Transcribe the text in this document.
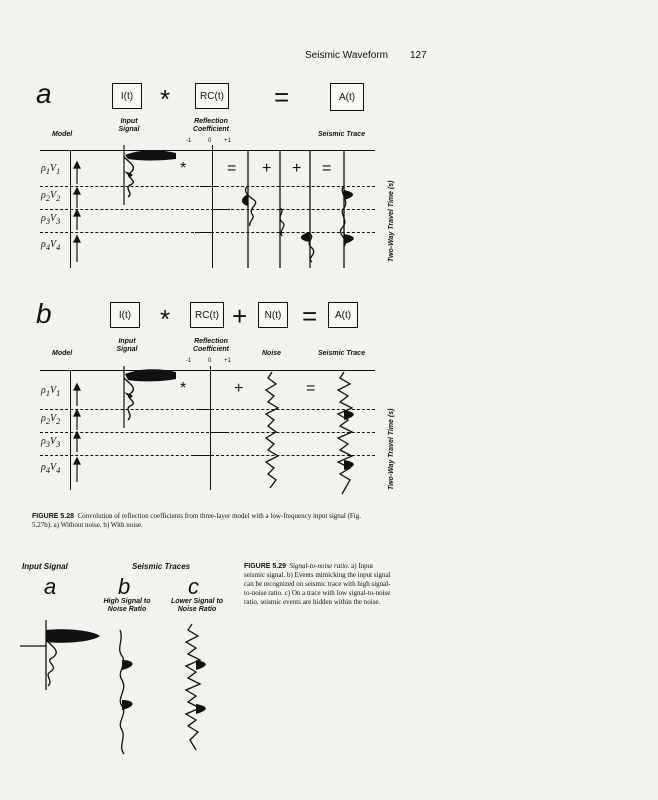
Seismic Waveform 127
a	I(t)	*	RC(t) =	A(t)
Model
Input Signal
Reflection Coefficient
-1	0 +1
Seismic Trace
$\rho_1V_1$
$\rho_2V_2$
$\rho_3V_3$
$\rho_4V_4$
*	= + + =
Two-Way Travel Time (s)
b	I(t)	*	RC(t) +	N(t) =	A(t)
Model
Input Signal
Reflection Coefficient
-1	0 +1
Noise	Seismic Trace
$\rho_1V_1$
$\rho_2V_2$
$\rho_3V_3$
$\rho_4V_4$
*	+	=
Two-Way Travel Time (s)
FIGURE 5.28 Convolution of reflection coefficients from three-layer model with a low-frequency input signal (Fig. 5.27b). a) Without noise. b) With noise.
Input Signal	Seismic Traces
a	b	c
High Signal to Noise Ratio
Lower Signal to Noise Ratio
FIGURE 5.29 Signal-to-noise ratio. a) Input seismic signal. b) Events mimicking the input signal can be recognized on seismic trace with high signal-to-noise ratio. c) On a trace with low signal-to-noise ratio, seismic events are hidden within the noise.
